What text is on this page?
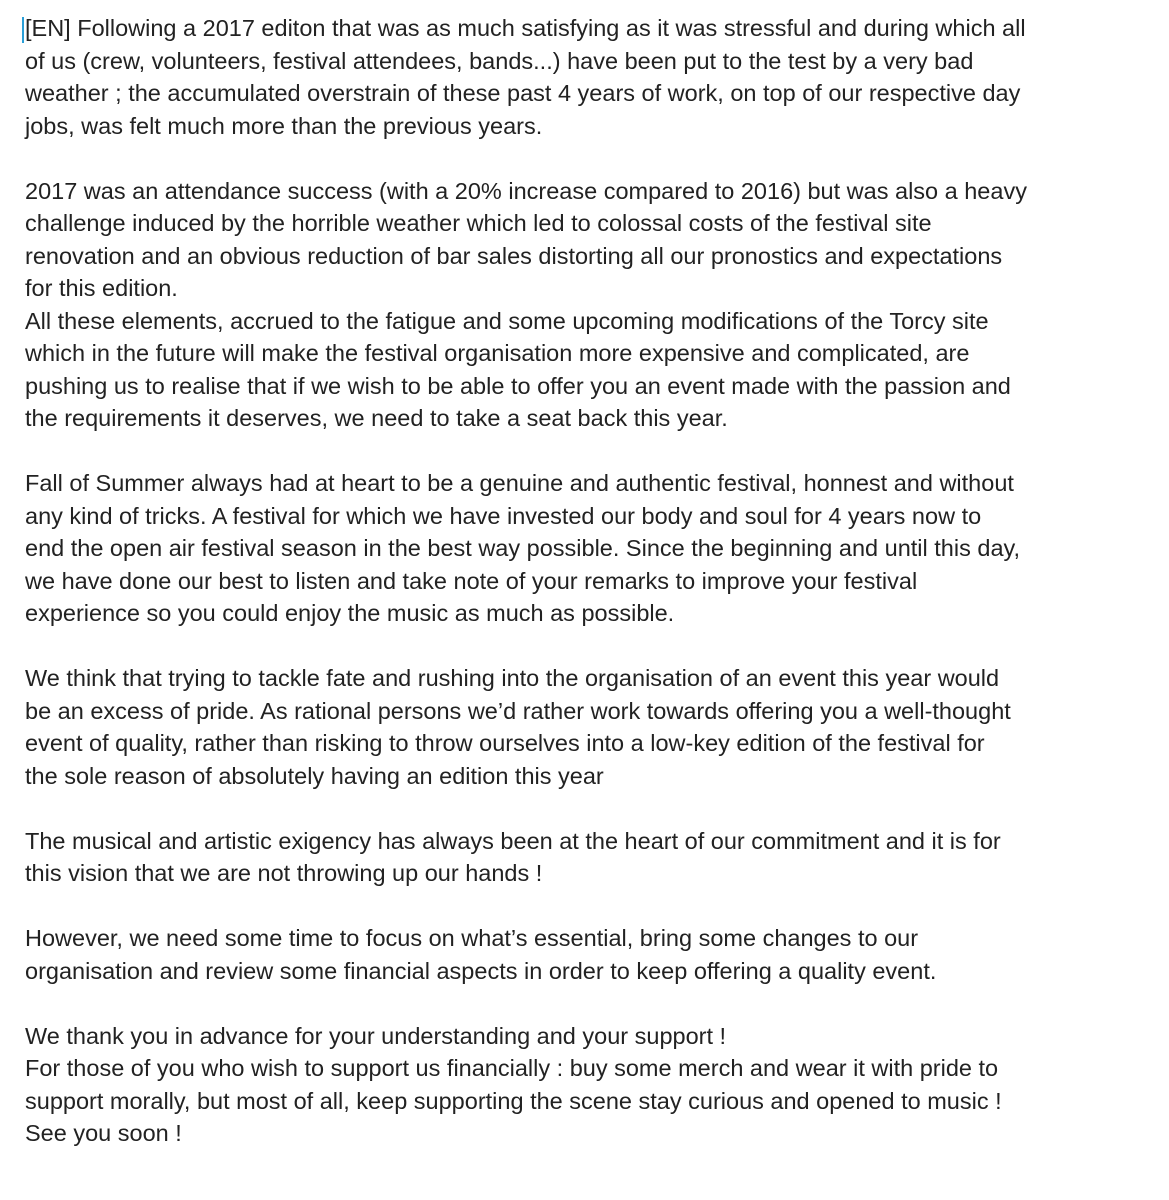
[EN] Following a 2017 editon that was as much satisfying as it was stressful and during which all
of us (crew, volunteers, festival attendees, bands...) have been put to the test by a very bad
weather ; the accumulated overstrain of these past 4 years of work, on top of our respective day
jobs, was felt much more than the previous years.
2017 was an attendance success (with a 20% increase compared to 2016) but was also a heavy
challenge induced by the horrible weather which led to colossal costs of the festival site
renovation and an obvious reduction of bar sales distorting all our pronostics and expectations
for this edition.
All these elements, accrued to the fatigue and some upcoming modifications of the Torcy site
which in the future will make the festival organisation more expensive and complicated, are
pushing us to realise that if we wish to be able to offer you an event made with the passion and
the requirements it deserves, we need to take a seat back this year.
Fall of Summer always had at heart to be a genuine and authentic festival, honnest and without
any kind of tricks. A festival for which we have invested our body and soul for 4 years now to
end the open air festival season in the best way possible. Since the beginning and until this day,
we have done our best to listen and take note of your remarks to improve your festival
experience so you could enjoy the music as much as possible.
We think that trying to tackle fate and rushing into the organisation of an event this year would
be an excess of pride. As rational persons we’d rather work towards offering you a well-thought
event of quality, rather than risking to throw ourselves into a low-key edition of the festival for
the sole reason of absolutely having an edition this year
The musical and artistic exigency has always been at the heart of our commitment and it is for
this vision that we are not throwing up our hands !
However, we need some time to focus on what’s essential, bring some changes to our
organisation and review some financial aspects in order to keep offering a quality event.
We thank you in advance for your understanding and your support !
For those of you who wish to support us financially : buy some merch and wear it with pride to
support morally, but most of all, keep supporting the scene stay curious and opened to music !
See you soon !
